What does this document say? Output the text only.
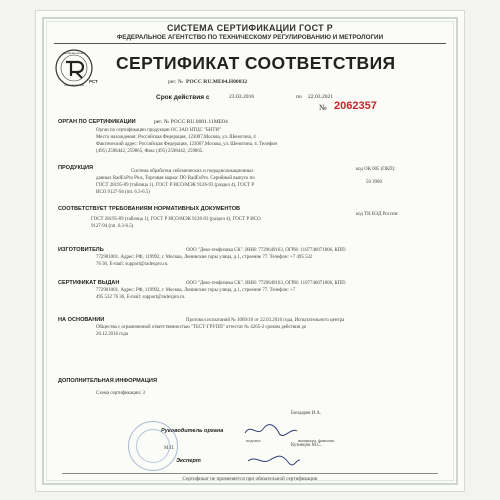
СИСТЕМА СЕРТИФИКАЦИИ ГОСТ Р
ФЕДЕРАЛЬНОЕ АГЕНТСТВО ПО ТЕХНИЧЕСКОМУ РЕГУЛИРОВАНИЮ И МЕТРОЛОГИИ
Добровольная
сертификация
РСТ
СЕРТИФИКАТ СООТВЕТСТВИЯ
рег. № РОСС RU.МЕ04.Н00832
Срок действия с	23.03.2016	по 22.03.2021
№ 2062357
ОРГАН ПО СЕРТИФИКАЦИИ	рег. № РОСС RU.0001.11МЕ04
Орган по сертификации продукции ОС ЗАО НТЦС "БНТИ"
Место нахождения: Российская Федерация, 123007,Москва, ул. Шеногина, 4
Фактический адрес: Российская Федерация, 123007,Москва, ул. Шеногина, 4. Телефон
(495) 2598442, 259865, Факс (495) 2598442, 259865.
ПРОДУКЦИЯ
Система обработки сейсмических и георадиолокационных
данных RadExPro Plus, Торговая марка: ПО RadExPro. Серийный выпуск по
ГОСТ 28195-89 (таблица 1), ГОСТ Р ИСО/МЭК 9126-93 (раздел 4), ГОСТ Р
ИСО 9127-94 (пп. 6.3-6.5)
код ОК 005 (ОКП):
50 3900
СООТВЕТСТВУЕТ ТРЕБОВАНИЯМ НОРМАТИВНЫХ ДОКУМЕНТОВ
ГОСТ 28195-89 (таблица 1), ГОСТ Р ИСО/МЭК 9126-93 (раздел 4), ГОСТ Р ИСО
9127-94 (пп. 6.3-6.5)
код ТН ВЭД России:
ИЗГОТОВИТЕЛЬ	ООО "Деко-геофизика СК". ИНН: 7729649163, ОГРН: 1107746071806, КПП:
772901001. Адрес: РФ, 119992, г. Москва, Ленинские горы улица, д.1, строение 77. Телефон: +7 495 532
76 36, E-mail: support@radexpro.ru.
СЕРТИФИКАТ ВЫДАН	ООО "Деко-геофизика СК". ИНН: 7729649163, ОГРН: 1107746071806, КПП:
772901001. Адрес: РФ, 119992, г. Москва, Ленинские горы улица, д.1, строение 77. Телефон: +7
495 532 76 36, E-mail: support@radexpro.ru.
НА ОСНОВАНИИ	Протокол испытаний № 1069/16 от 22.03.2016 года, Испытательного центра
Общества с ограниченной ответственностью "ТЕСТ-ГРУПП" аттестат № 4265-2 сроком действия до
26.12.2016 года
ДОПОЛНИТЕЛЬНАЯ ИНФОРМАЦИЯ
Схема сертификации: 3
Бондарев И.А.
Руководитель органа
подпись	инициалы, фамилия
Кузнецов М.С.
Эксперт
М.П.
Сертификат не применяется при обязательной сертификации
